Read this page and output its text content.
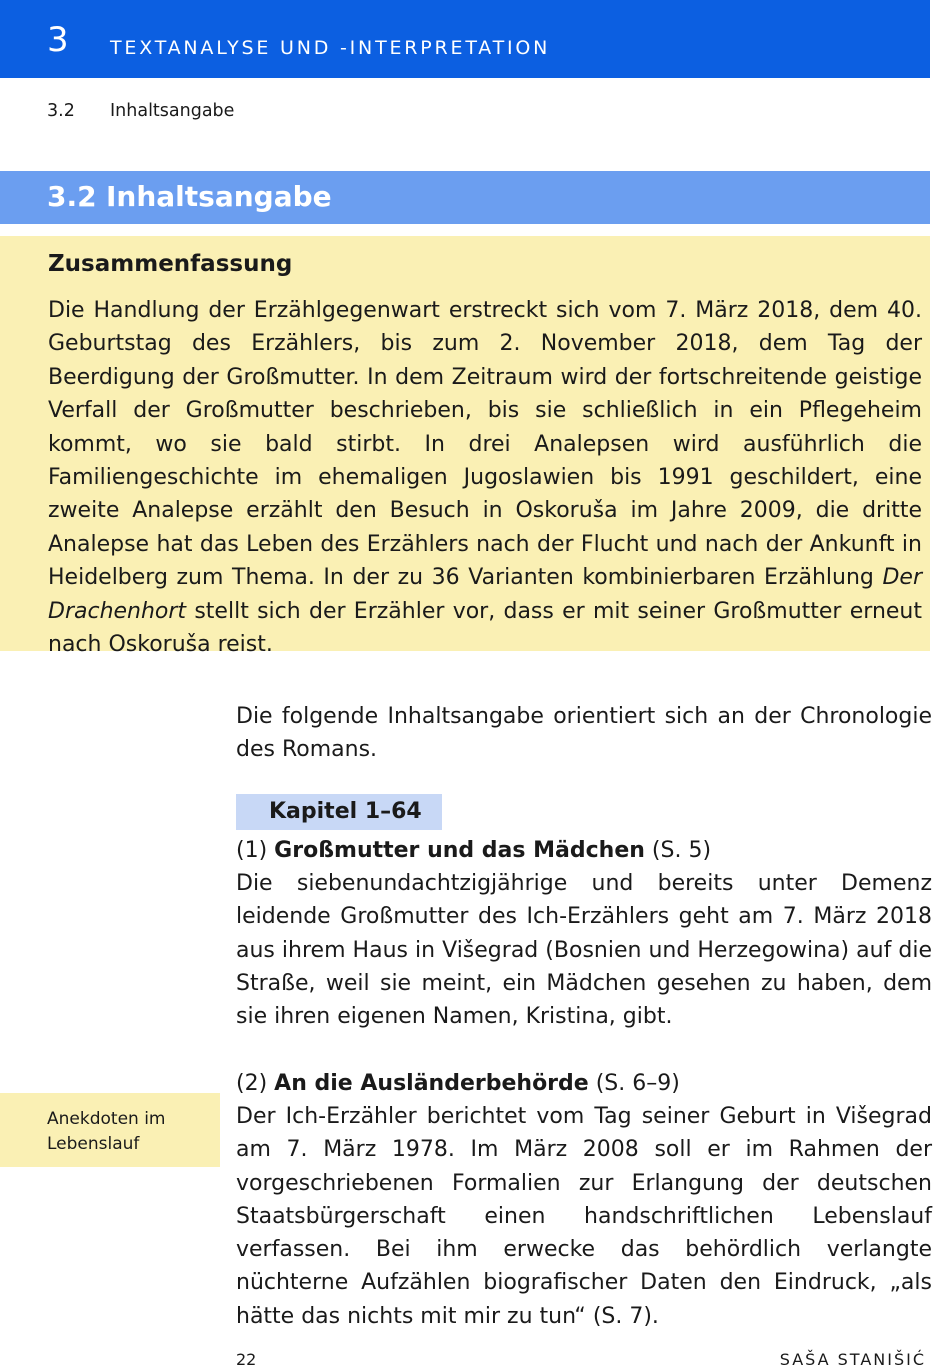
3 TEXTANALYSE UND -INTERPRETATION
3.2 Inhaltsangabe
3.2 Inhaltsangabe
Zusammenfassung
Die Handlung der Erzählgegenwart erstreckt sich vom 7. März 2018, dem 40. Geburtstag des Erzählers, bis zum 2. November 2018, dem Tag der Beerdigung der Großmutter. In dem Zeitraum wird der fortschreitende geistige Verfall der Großmutter beschrieben, bis sie schließlich in ein Pflegeheim kommt, wo sie bald stirbt. In drei Analepsen wird ausführlich die Familiengeschichte im ehemaligen Jugoslawien bis 1991 geschildert, eine zweite Analepse erzählt den Besuch in Oskoruša im Jahre 2009, die dritte Analepse hat das Leben des Erzählers nach der Flucht und nach der Ankunft in Heidelberg zum Thema. In der zu 36 Varianten kombinierbaren Erzählung Der Drachenhort stellt sich der Erzähler vor, dass er mit seiner Großmutter erneut nach Oskoruša reist.
Die folgende Inhaltsangabe orientiert sich an der Chronologie des Romans.
Kapitel 1–64
(1) Großmutter und das Mädchen (S. 5)
Die siebenundachtzigjährige und bereits unter Demenz leidende Großmutter des Ich-Erzählers geht am 7. März 2018 aus ihrem Haus in Višegrad (Bosnien und Herzegowina) auf die Straße, weil sie meint, ein Mädchen gesehen zu haben, dem sie ihren eigenen Namen, Kristina, gibt.
(2) An die Ausländerbehörde (S. 6–9)
Der Ich-Erzähler berichtet vom Tag seiner Geburt in Višegrad am 7. März 1978. Im März 2008 soll er im Rahmen der vorgeschriebenen Formalien zur Erlangung der deutschen Staatsbürgerschaft einen handschriftlichen Lebenslauf verfassen. Bei ihm erwecke das behördlich verlangte nüchterne Aufzählen biografischer Daten den Eindruck, „als hätte das nichts mit mir zu tun“ (S. 7).
Anekdoten im Lebenslauf
22	SAŠA STANIŠIĆ
